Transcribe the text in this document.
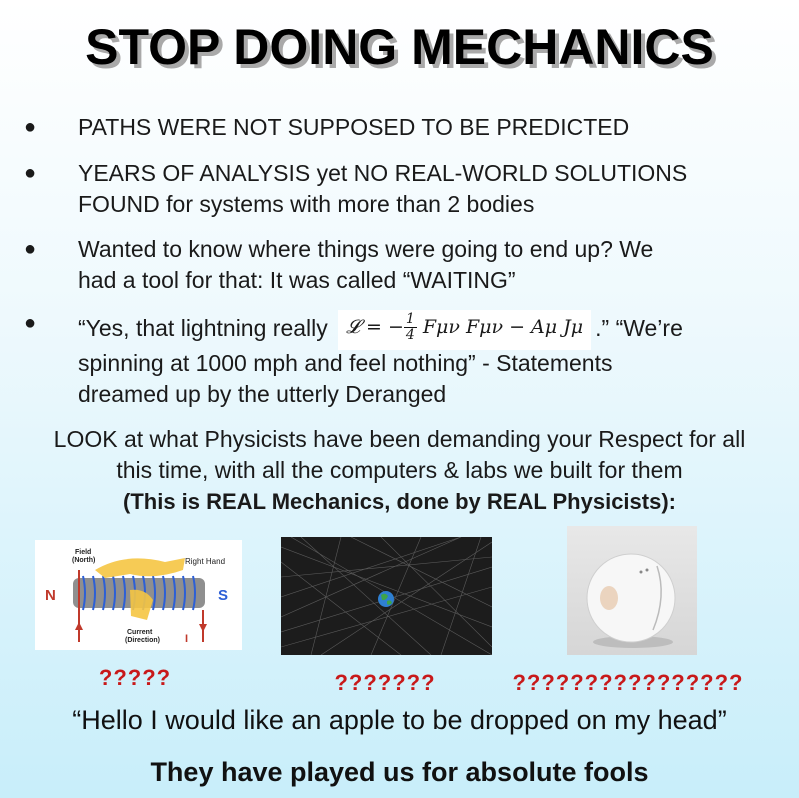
STOP DOING MECHANICS
● PATHS WERE NOT SUPPOSED TO BE PREDICTED
● YEARS OF ANALYSIS yet NO REAL-WORLD SOLUTIONS
FOUND for systems with more than 2 bodies
● Wanted to know where things were going to end up? We
had a tool for that: It was called “WAITING”
● “Yes, that lightning really 𝓛 = − $\frac{1}{4}$ Fμν Fμν − Aμ Jμ .” “We’re
spinning at 1000 mph and feel nothing” - Statements
dreamed up by the utterly Deranged
LOOK at what Physicists have been demanding your Respect for all
this time, with all the computers & labs we built for them
(This is REAL Mechanics, done by REAL Physicists):
Field
(North)	Right Hand
N	S
Current
(Direction) I
?????	???????	????????????????
“Hello I would like an apple to be dropped on my head”
They have played us for absolute fools
